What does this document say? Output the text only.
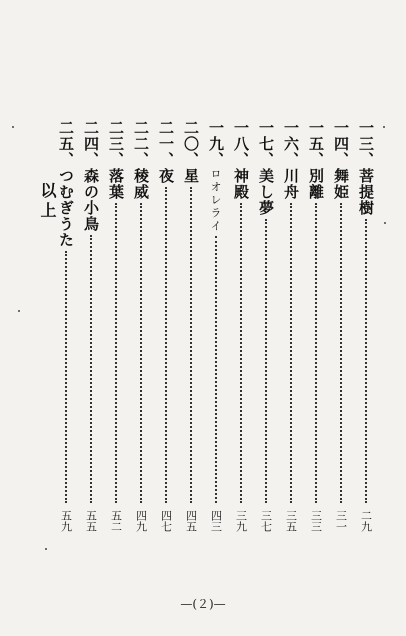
一三、
菩提樹
二九
一四、
舞姫
三一
一五、
別離
三三
一六、
川舟
三五
一七、
美し夢
三七
一八、
神殿
三九
一九、
ロオレライ
四三
二〇、
星
四五
二一、
夜
四七
二二、
稜威
四九
二三、
落葉
五二
二四、
森の小鳥
五五
二五、
つむぎうた
五九
以上
—(２)—
